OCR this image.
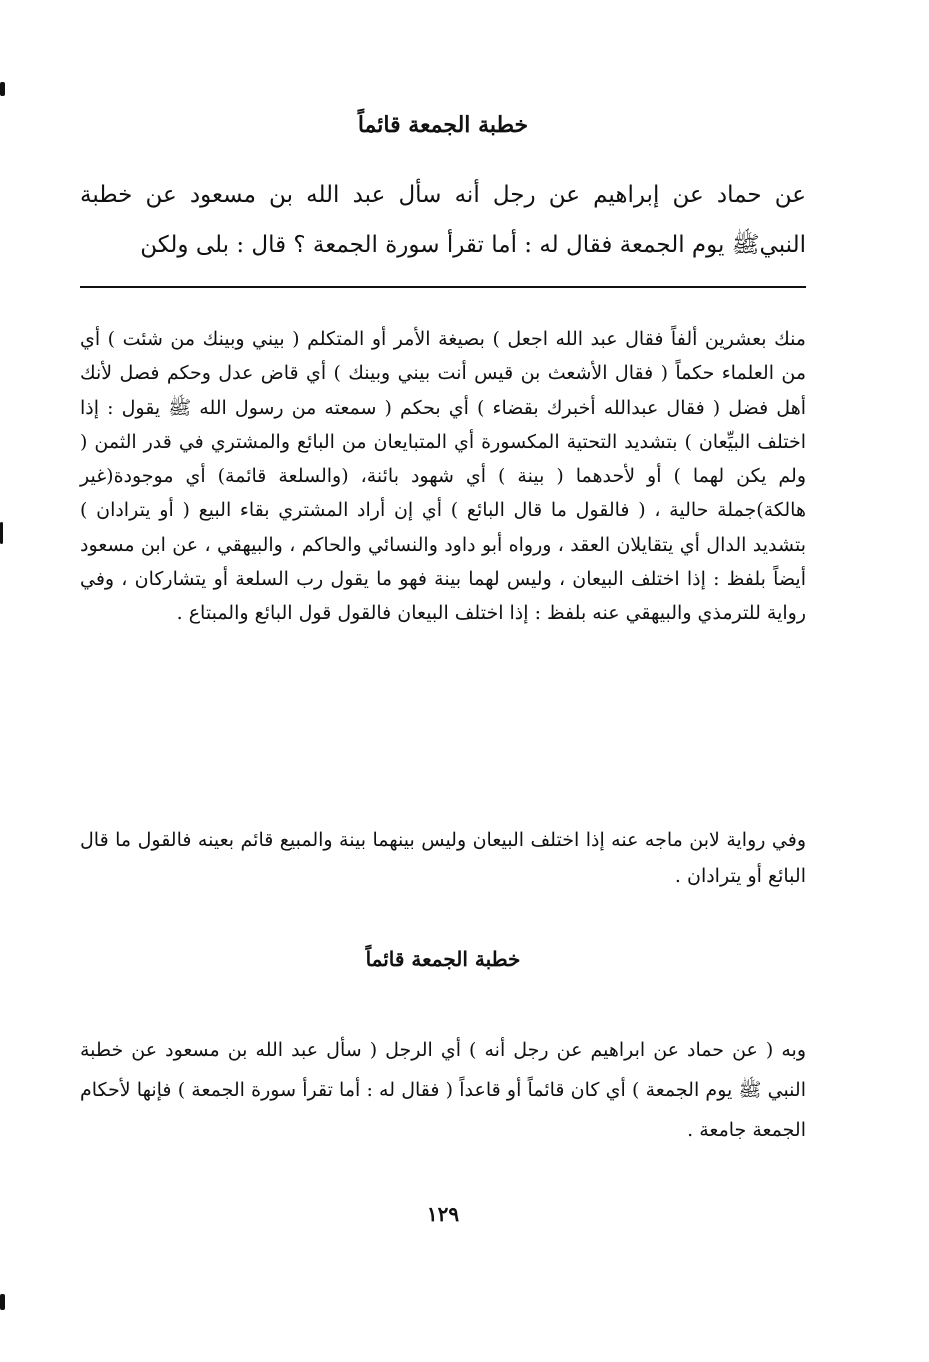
خطبة الجمعة قائماً

عن حماد عن إبراهيم عن رجل أنه سأل عبد الله بن مسعود عن خطبة النبيﷺ يوم الجمعة فقال له : أما تقرأ سورة الجمعة ؟ قال : بلى ولكن

منك بعشرين ألفاً فقال عبد الله اجعل ) بصيغة الأمر أو المتكلم ( بيني وبينك من شئت ) أي من العلماء حكماً ( فقال الأشعث بن قيس أنت بيني وبينك ) أي قاض عدل وحكم فصل لأنك أهل فضل ( فقال عبدالله أخبرك بقضاء ) أي بحكم ( سمعته من رسول الله ﷺ يقول : إذا اختلف البيِّعان ) بتشديد التحتية المكسورة أي المتبايعان من البائع والمشتري في قدر الثمن ( ولم يكن لهما ) أو لأحدهما ( بينة ) أي شهود بائنة، (والسلعة قائمة) أي موجودة(غير هالكة)جملة حالية ، ( فالقول ما قال البائع ) أي إن أراد المشتري بقاء البيع ( أو يترادان ) بتشديد الدال أي يتقايلان العقد ، ورواه أبو داود والنسائي والحاكم ، والبيهقي ، عن ابن مسعود أيضاً بلفظ : إذا اختلف البيعان ، وليس لهما بينة فهو ما يقول رب السلعة أو يتشاركان ، وفي رواية للترمذي والبيهقي عنه بلفظ : إذا اختلف البيعان فالقول قول البائع والمبتاع .

وفي رواية لابن ماجه عنه إذا اختلف البيعان وليس بينهما بينة والمبيع قائم بعينه فالقول ما قال البائع أو يترادان .

خطبة الجمعة قائماً

وبه ( عن حماد عن ابراهيم عن رجل أنه ) أي الرجل ( سأل عبد الله بن مسعود عن خطبة النبي ﷺ يوم الجمعة ) أي كان قائماً أو قاعداً ( فقال له : أما تقرأ سورة الجمعة ) فإنها لأحكام الجمعة جامعة .

١٢٩
